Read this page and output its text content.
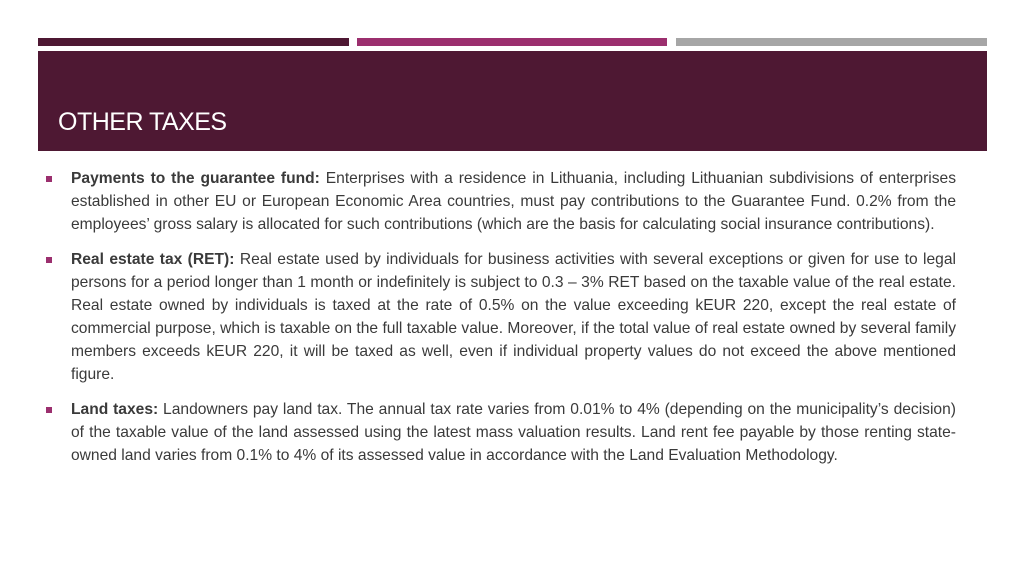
OTHER TAXES
Payments to the guarantee fund: Enterprises with a residence in Lithuania, including Lithuanian subdivisions of enterprises established in other EU or European Economic Area countries, must pay contributions to the Guarantee Fund. 0.2% from the employees’ gross salary is allocated for such contributions (which are the basis for calculating social insurance contributions).
Real estate tax (RET): Real estate used by individuals for business activities with several exceptions or given for use to legal persons for a period longer than 1 month or indefinitely is subject to 0.3 – 3% RET based on the taxable value of the real estate. Real estate owned by individuals is taxed at the rate of 0.5% on the value exceeding kEUR 220, except the real estate of commercial purpose, which is taxable on the full taxable value. Moreover, if the total value of real estate owned by several family members exceeds kEUR 220, it will be taxed as well, even if individual property values do not exceed the above mentioned figure.
Land taxes: Landowners pay land tax. The annual tax rate varies from 0.01% to 4% (depending on the municipality’s decision) of the taxable value of the land assessed using the latest mass valuation results. Land rent fee payable by those renting state-owned land varies from 0.1% to 4% of its assessed value in accordance with the Land Evaluation Methodology.
